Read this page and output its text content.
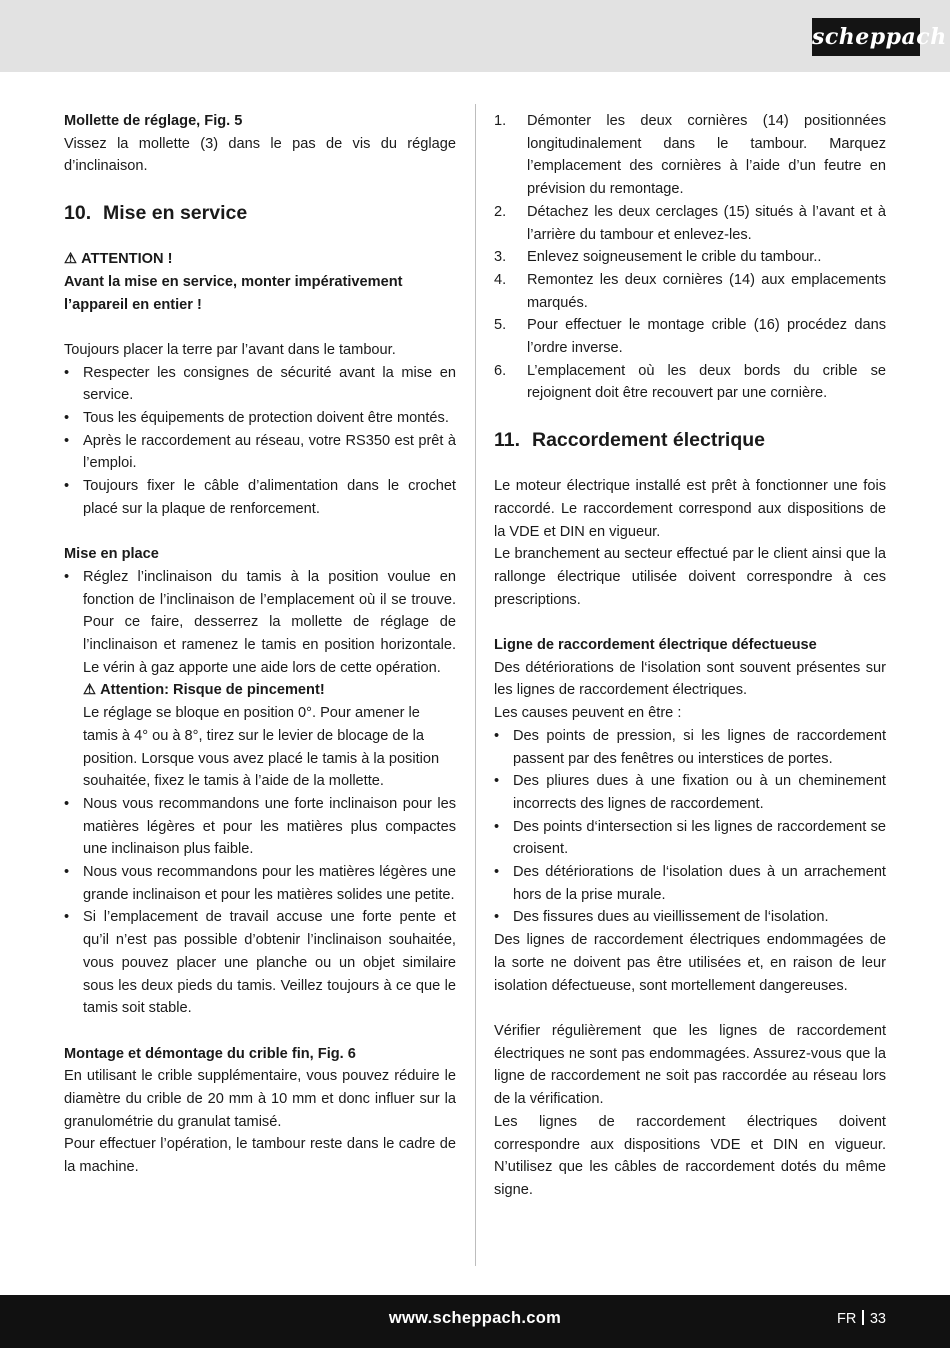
scheppach

Mollette de réglage, Fig. 5

Vissez la mollette (3) dans le pas de vis du réglage d’inclinaison.

10. Mise en service

⚠ ATTENTION !

Avant la mise en service, monter impérativement l’appareil en entier !

Toujours placer la terre par l’avant dans le tambour.

• Respecter les consignes de sécurité avant la mise en service.
• Tous les équipements de protection doivent être montés.
• Après le raccordement au réseau, votre RS350 est prêt à l’emploi.
• Toujours fixer le câble d’alimentation dans le crochet placé sur la plaque de renforcement.

Mise en place

• Réglez l’inclinaison du tamis à la position voulue en fonction de l’inclinaison de l’emplacement où il se trouve. Pour ce faire, desserrez la mollette de réglage de l’inclinaison et ramenez le tamis en position horizontale. Le vérin à gaz apporte une aide lors de cette opération.
⚠ Attention: Risque de pincement!
Le réglage se bloque en position 0°. Pour amener le tamis à 4° ou à 8°, tirez sur le levier de blocage de la position. Lorsque vous avez placé le tamis à la position souhaitée, fixez le tamis à l’aide de la mollette.
• Nous vous recommandons une forte inclinaison pour les matières légères et pour les matières plus compactes une inclinaison plus faible.
• Nous vous recommandons pour les matières légères une grande inclinaison et pour les matières solides une petite.
• Si l’emplacement de travail accuse une forte pente et qu’il n’est pas possible d’obtenir l’inclinaison souhaitée, vous pouvez placer une planche ou un objet similaire sous les deux pieds du tamis. Veillez toujours à ce que le tamis soit stable.

Montage et démontage du crible fin, Fig. 6

En utilisant le crible supplémentaire, vous pouvez réduire le diamètre du crible de 20 mm à 10 mm et donc influer sur la granulométrie du granulat tamisé.

Pour effectuer l’opération, le tambour reste dans le cadre de la machine.

1. Démonter les deux cornières (14) positionnées longitudinalement dans le tambour. Marquez l’emplacement des cornières à l’aide d’un feutre en prévision du remontage.
2. Détachez les deux cerclages (15) situés à l’avant et à l’arrière du tambour et enlevez-les.
3. Enlevez soigneusement le crible du tambour..
4. Remontez les deux cornières (14) aux emplacements marqués.
5. Pour effectuer le montage crible (16) procédez dans l’ordre inverse.
6. L’emplacement où les deux bords du crible se rejoignent doit être recouvert par une cornière.
11. Raccordement électrique

Le moteur électrique installé est prêt à fonctionner une fois raccordé. Le raccordement correspond aux dispositions de la VDE et DIN en vigueur.

Le branchement au secteur effectué par le client ainsi que la rallonge électrique utilisée doivent correspondre à ces prescriptions.

Ligne de raccordement électrique défectueuse

Des détériorations de l‘isolation sont souvent présentes sur les lignes de raccordement électriques.

Les causes peuvent en être :

• Des points de pression, si les lignes de raccordement passent par des fenêtres ou interstices de portes.
• Des pliures dues à une fixation ou à un cheminement incorrects des lignes de raccordement.
• Des points d‘intersection si les lignes de raccordement se croisent.
• Des détériorations de l‘isolation dues à un arrachement hors de la prise murale.
• Des fissures dues au vieillissement de l‘isolation.

Des lignes de raccordement électriques endommagées de la sorte ne doivent pas être utilisées et, en raison de leur isolation défectueuse, sont mortellement dangereuses.

Vérifier régulièrement que les lignes de raccordement électriques ne sont pas endommagées. Assurez-vous que la ligne de raccordement ne soit pas raccordée au réseau lors de la vérification.

Les lignes de raccordement électriques doivent correspondre aux dispositions VDE et DIN en vigueur. N’utilisez que les câbles de raccordement dotés du même signe.

www.scheppach.com	FR 33
